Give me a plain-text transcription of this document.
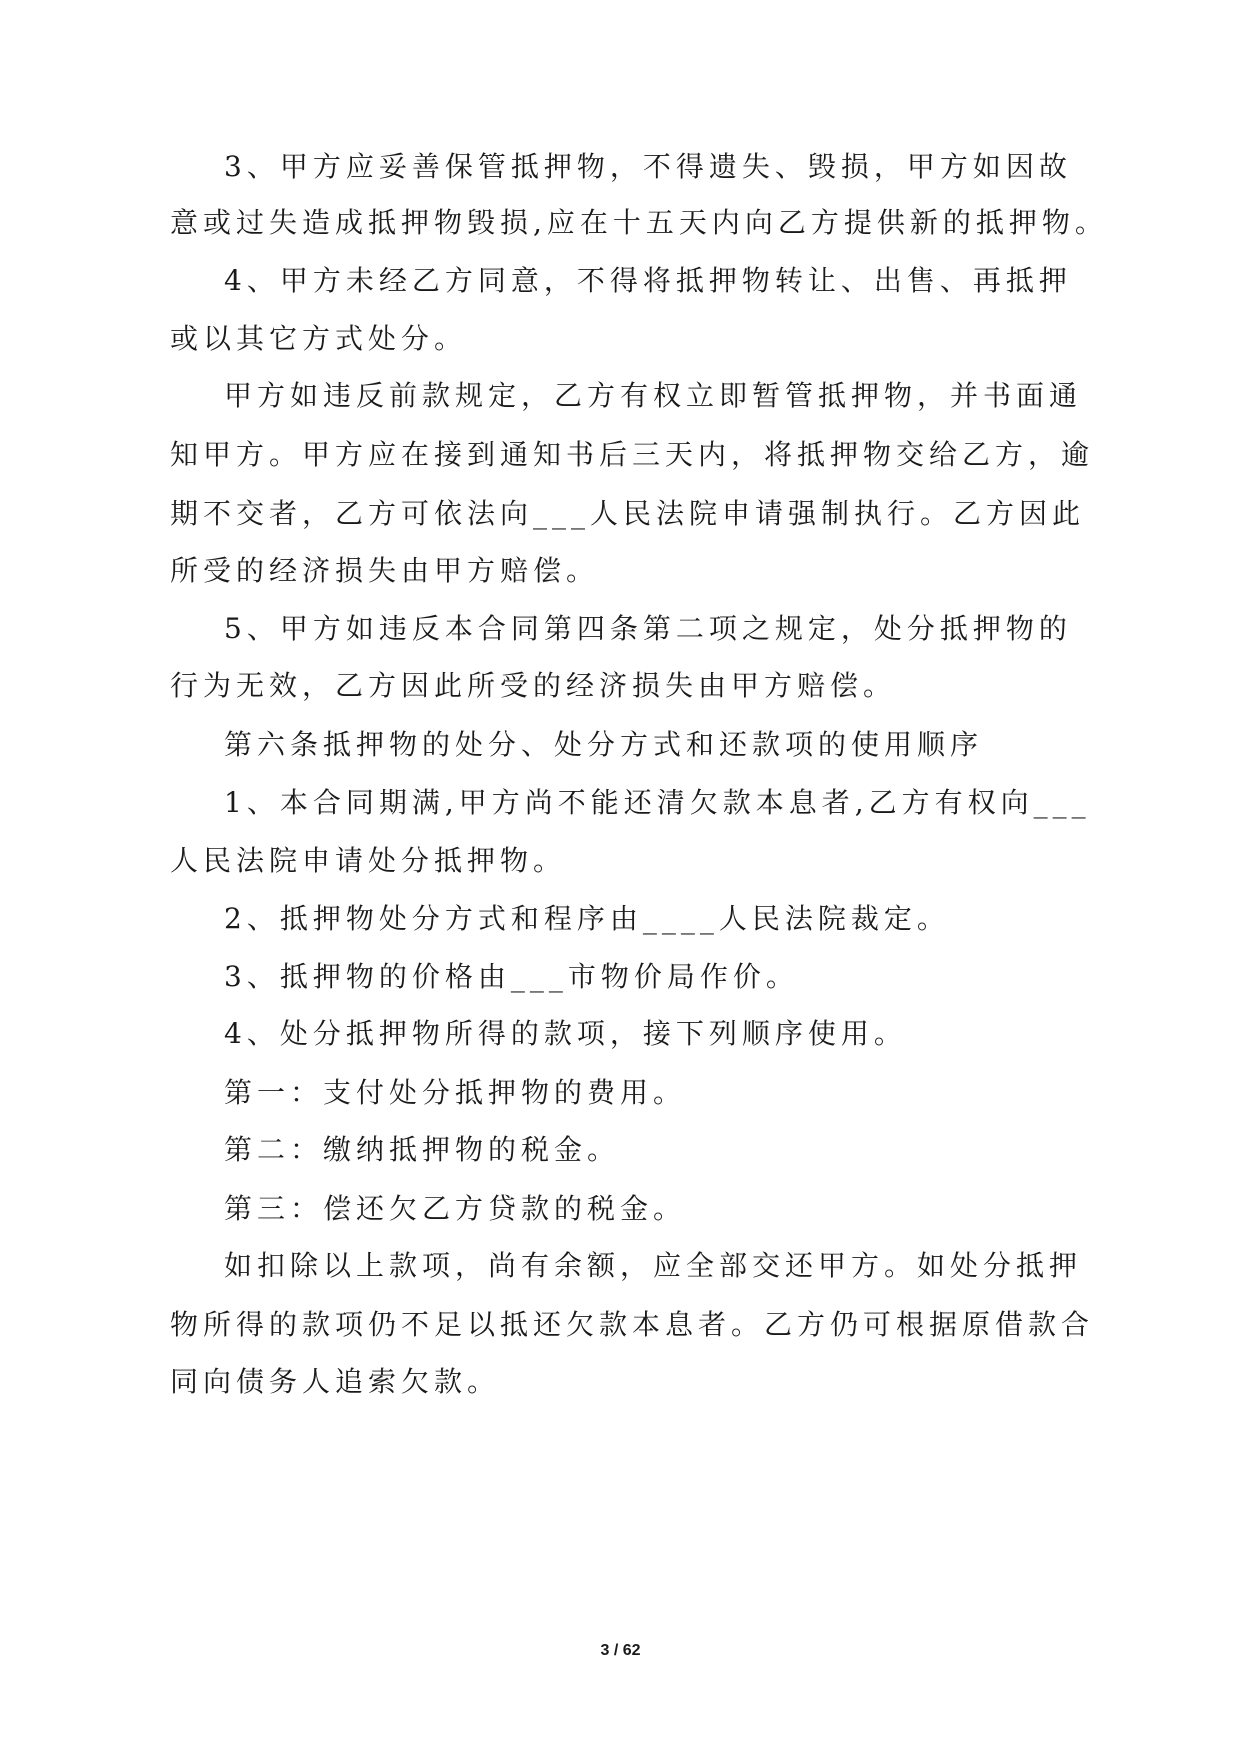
3、甲方应妥善保管抵押物，不得遗失、毁损，甲方如因故
意或过失造成抵押物毁损,应在十五天内向乙方提供新的抵押物。
4、甲方未经乙方同意，不得将抵押物转让、出售、再抵押
或以其它方式处分。
甲方如违反前款规定，乙方有权立即暂管抵押物，并书面通
知甲方。甲方应在接到通知书后三天内，将抵押物交给乙方，逾
期不交者，乙方可依法向___人民法院申请强制执行。乙方因此
所受的经济损失由甲方赔偿。
5、甲方如违反本合同第四条第二项之规定，处分抵押物的
行为无效，乙方因此所受的经济损失由甲方赔偿。
第六条抵押物的处分、处分方式和还款项的使用顺序
1、本合同期满,甲方尚不能还清欠款本息者,乙方有权向___
人民法院申请处分抵押物。
2、抵押物处分方式和程序由____人民法院裁定。
3、抵押物的价格由___市物价局作价。
4、处分抵押物所得的款项，接下列顺序使用。
第一：支付处分抵押物的费用。
第二：缴纳抵押物的税金。
第三：偿还欠乙方贷款的税金。
如扣除以上款项，尚有余额，应全部交还甲方。如处分抵押
物所得的款项仍不足以抵还欠款本息者。乙方仍可根据原借款合
同向债务人追索欠款。
3 / 62
